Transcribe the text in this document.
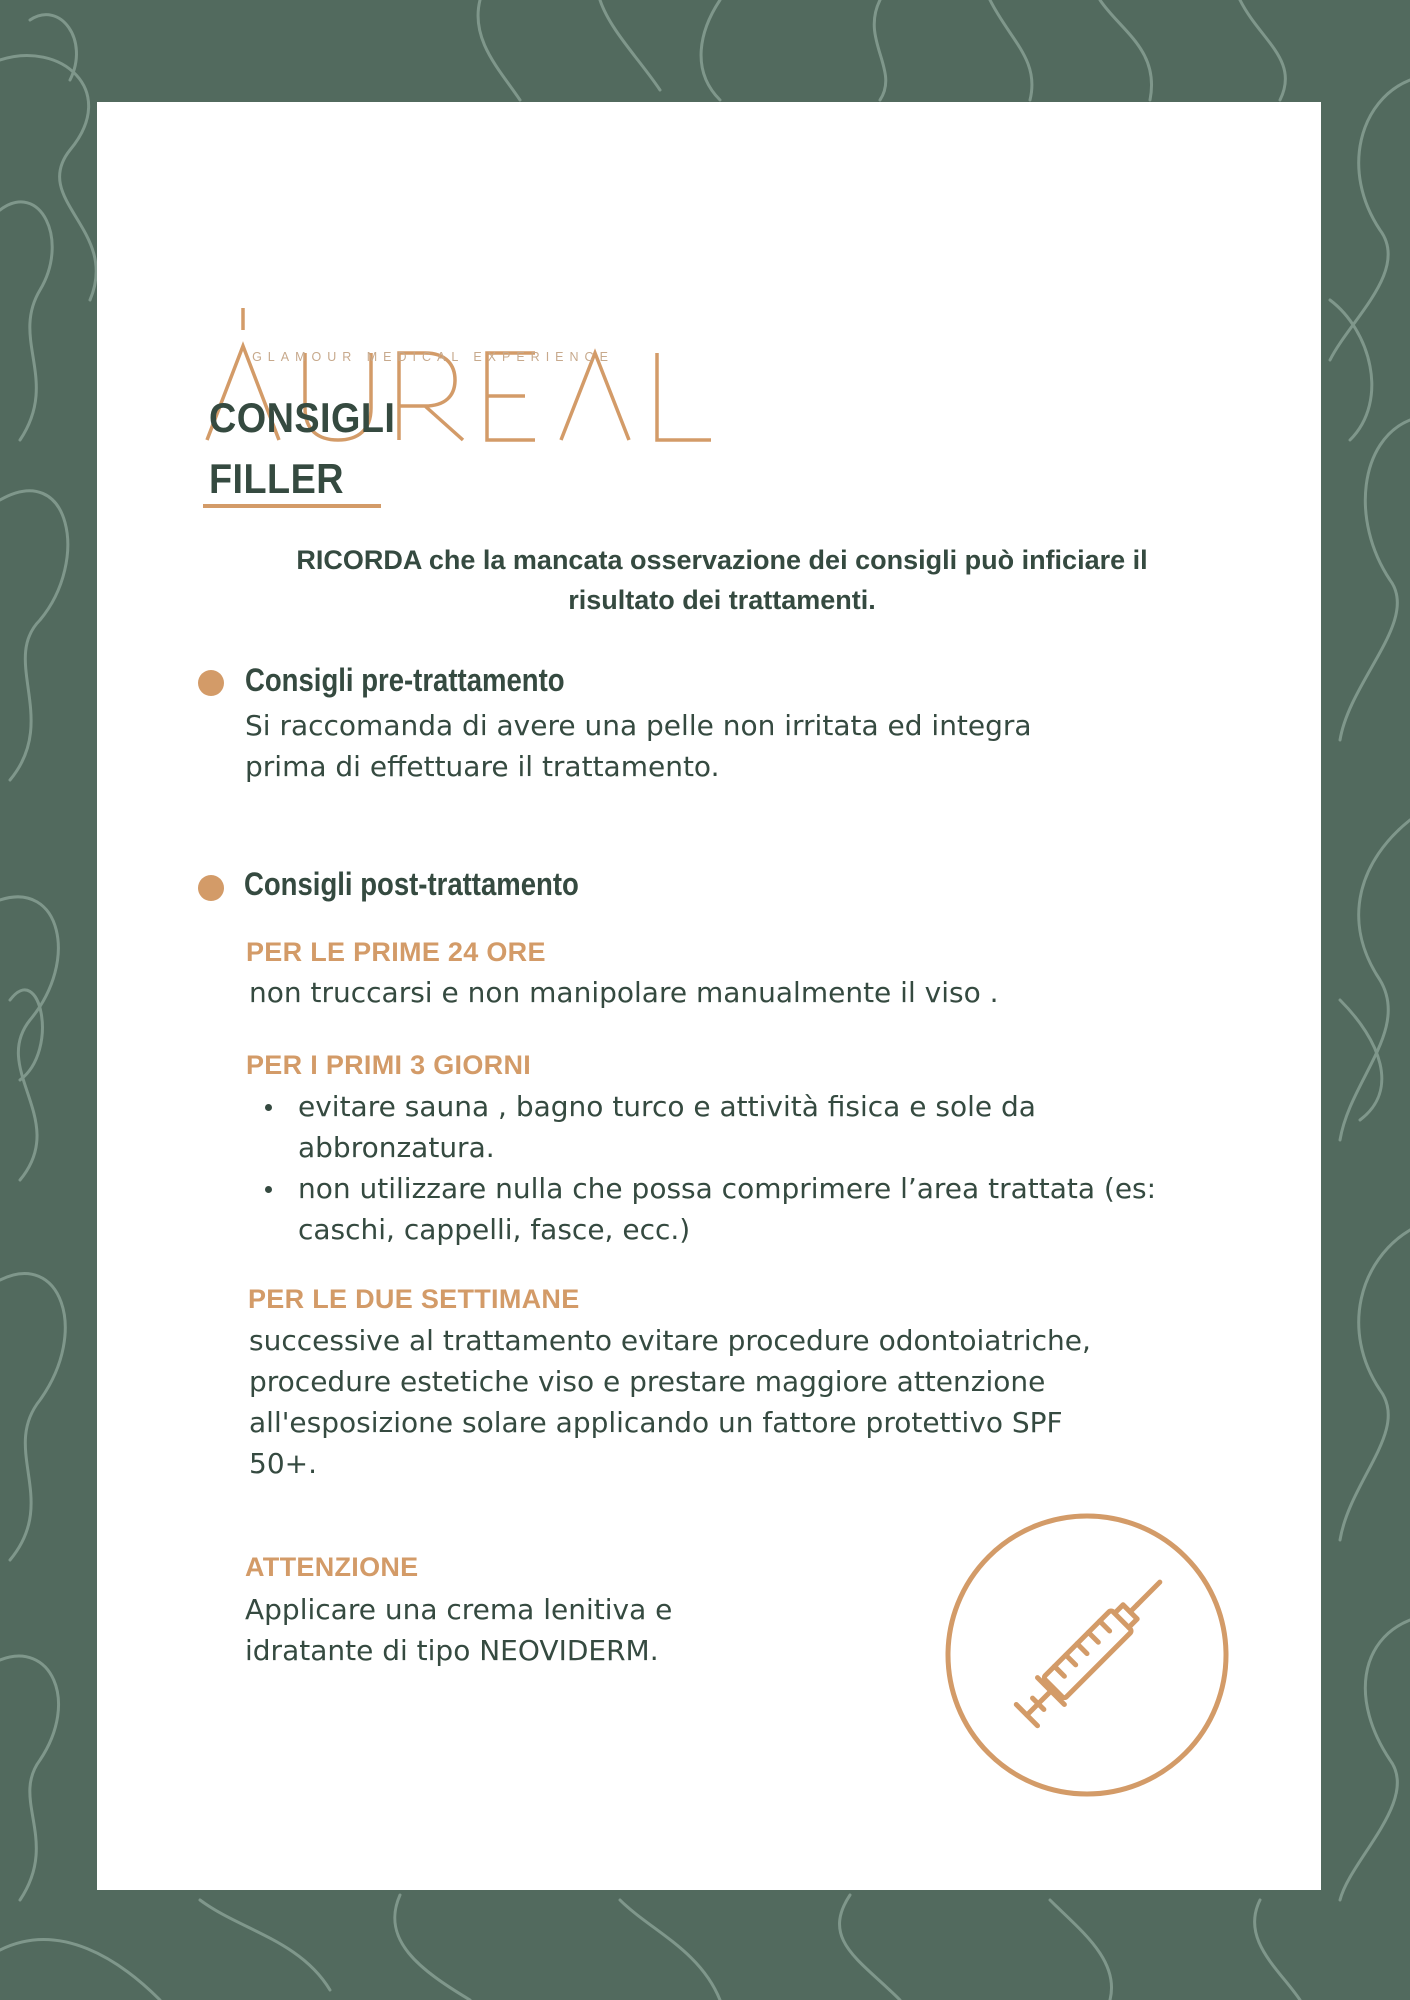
GLAMOUR MEDICAL EXPERIENCE
CONSIGLI
FILLER
RICORDA che la mancata osservazione dei consigli può inficiare il
risultato dei trattamenti.
Consigli pre-trattamento
Si raccomanda di avere una pelle non irritata ed integra
prima di effettuare il trattamento.
Consigli post-trattamento
PER LE PRIME 24 ORE
non truccarsi e non manipolare manualmente il viso .
PER I PRIMI 3 GIORNI
evitare sauna , bagno turco e attività fisica e sole da
abbronzatura.
non utilizzare nulla che possa comprimere l’area trattata (es:
caschi, cappelli, fasce, ecc.)
PER LE DUE SETTIMANE
successive al trattamento evitare procedure odontoiatriche,
procedure estetiche viso e prestare maggiore attenzione
all'esposizione solare applicando un fattore protettivo SPF
50+.
ATTENZIONE
Applicare una crema lenitiva e
idratante di tipo NEOVIDERM.
